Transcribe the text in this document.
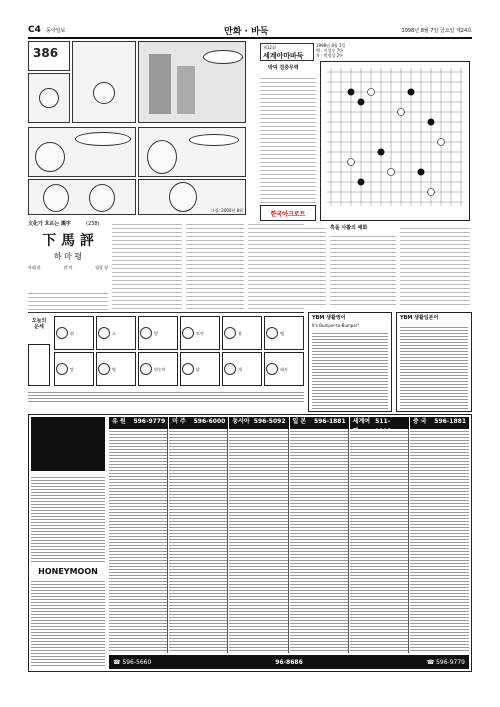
C4 동아일보	만화 · 바둑	1998년 8월 7일 금요일 제24호
386
그림: 2000년 8월
文化가 흐르는 漢字	(238)
下 馬 評
하 마 평
아래 하	말 마	평할 평
오늘의
운세
쥐	소	범	토끼	용	뱀
말	양	원숭이	닭	개	돼지
제12회
세계아마바둑
박덕 검증무력
1998년 8월 1일
백 : 이성우 7단
흑 : 박정상 2단
한국아크로트
흑돌 사활의 예화
YBM 생활영어
It's Bumper-to-Bumper!
YBM 생활일본어
HONEYMOON
유 원 596-9779 미 주 596-6000 동서아 596-5092 일 본 596-1881 세계여 511-	중 국 596-1881
☎ 596-5660	96-8686	☎ 596-9779
